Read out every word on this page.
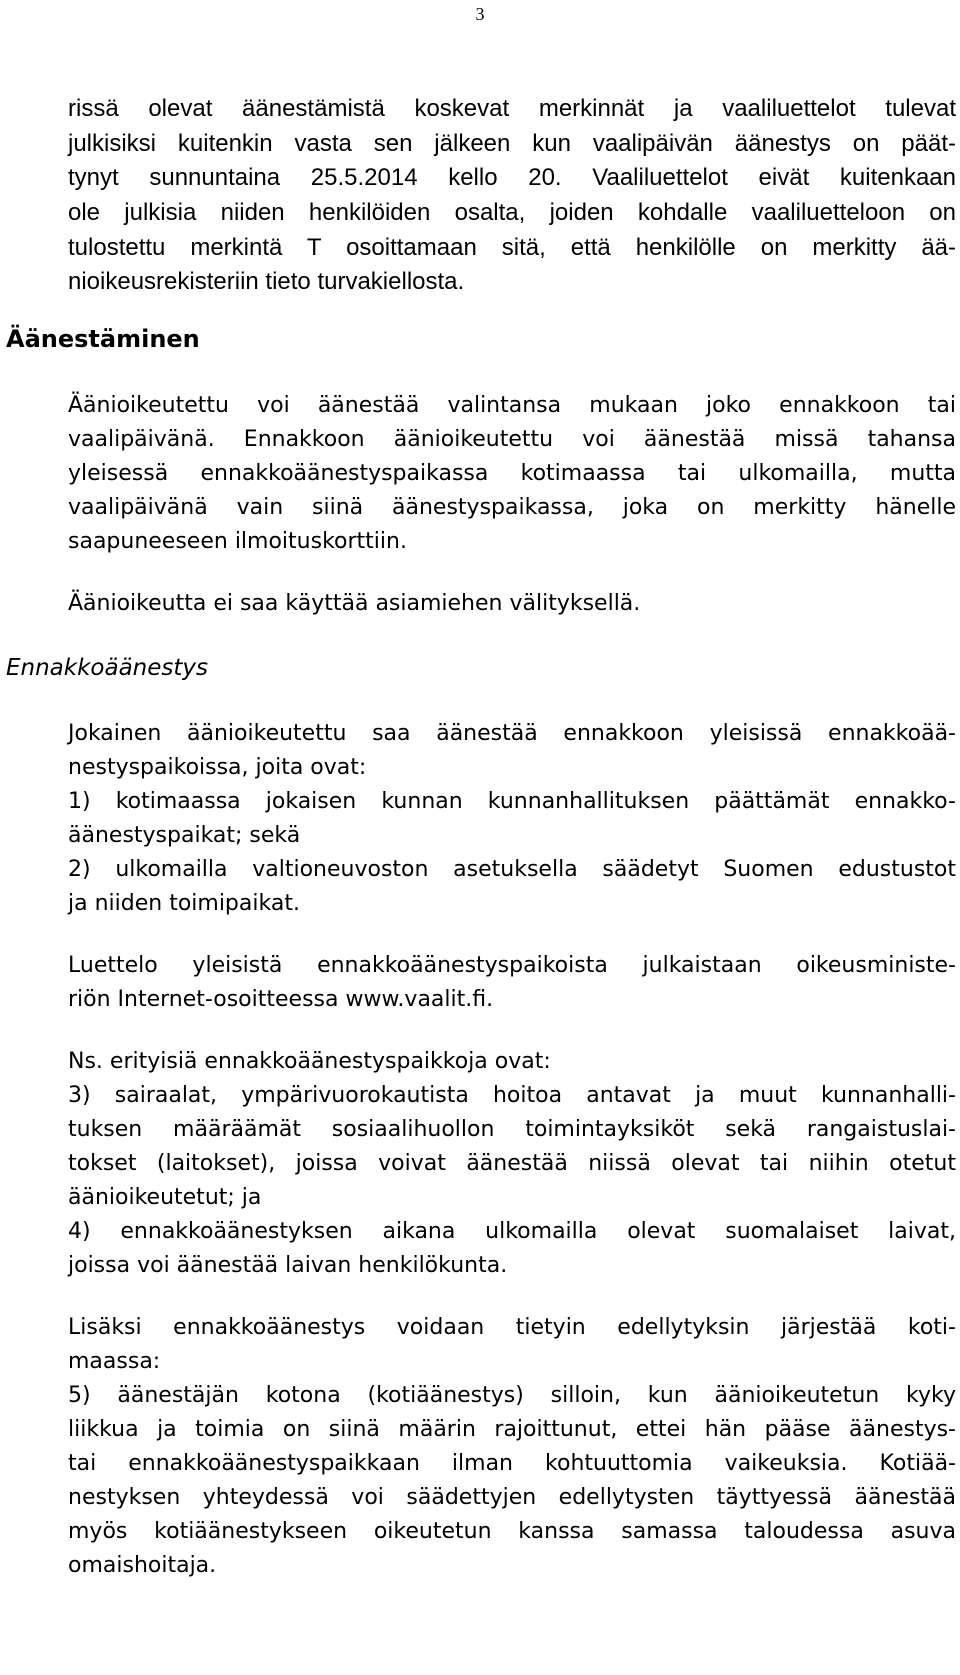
3
rissä olevat äänestämistä koskevat merkinnät ja vaaliluettelot tulevat
julkisiksi kuitenkin vasta sen jälkeen kun vaalipäivän äänestys on päät-
tynyt sunnuntaina 25.5.2014 kello 20. Vaaliluettelot eivät kuitenkaan
ole julkisia niiden henkilöiden osalta, joiden kohdalle vaaliluetteloon on
tulostettu merkintä T osoittamaan sitä, että henkilölle on merkitty ää-
nioikeusrekisteriin tieto turvakiellosta.
Äänestäminen
Äänioikeutettu voi äänestää valintansa mukaan joko ennakkoon tai
vaalipäivänä. Ennakkoon äänioikeutettu voi äänestää missä tahansa
yleisessä ennakkoäänestyspaikassa kotimaassa tai ulkomailla, mutta
vaalipäivänä vain siinä äänestyspaikassa, joka on merkitty hänelle
saapuneeseen ilmoituskorttiin.
Äänioikeutta ei saa käyttää asiamiehen välityksellä.
Ennakkoäänestys
Jokainen äänioikeutettu saa äänestää ennakkoon yleisissä ennakkoää-
nestyspaikoissa, joita ovat:
1) kotimaassa jokaisen kunnan kunnanhallituksen päättämät ennakko-
äänestyspaikat; sekä
2) ulkomailla valtioneuvoston asetuksella säädetyt Suomen edustustot
ja niiden toimipaikat.
Luettelo yleisistä ennakkoäänestyspaikoista julkaistaan oikeusministe-
riön Internet-osoitteessa www.vaalit.fi.
Ns. erityisiä ennakkoäänestyspaikkoja ovat:
3) sairaalat, ympärivuorokautista hoitoa antavat ja muut kunnanhalli-
tuksen määräämät sosiaalihuollon toimintayksiköt sekä rangaistuslai-
tokset (laitokset), joissa voivat äänestää niissä olevat tai niihin otetut
äänioikeutetut; ja
4) ennakkoäänestyksen aikana ulkomailla olevat suomalaiset laivat,
joissa voi äänestää laivan henkilökunta.
Lisäksi ennakkoäänestys voidaan tietyin edellytyksin järjestää koti-
maassa:
5) äänestäjän kotona (kotiäänestys) silloin, kun äänioikeutetun kyky
liikkua ja toimia on siinä määrin rajoittunut, ettei hän pääse äänestys-
tai ennakkoäänestyspaikkaan ilman kohtuuttomia vaikeuksia. Kotiää-
nestyksen yhteydessä voi säädettyjen edellytysten täyttyessä äänestää
myös kotiäänestykseen oikeutetun kanssa samassa taloudessa asuva
omaishoitaja.
